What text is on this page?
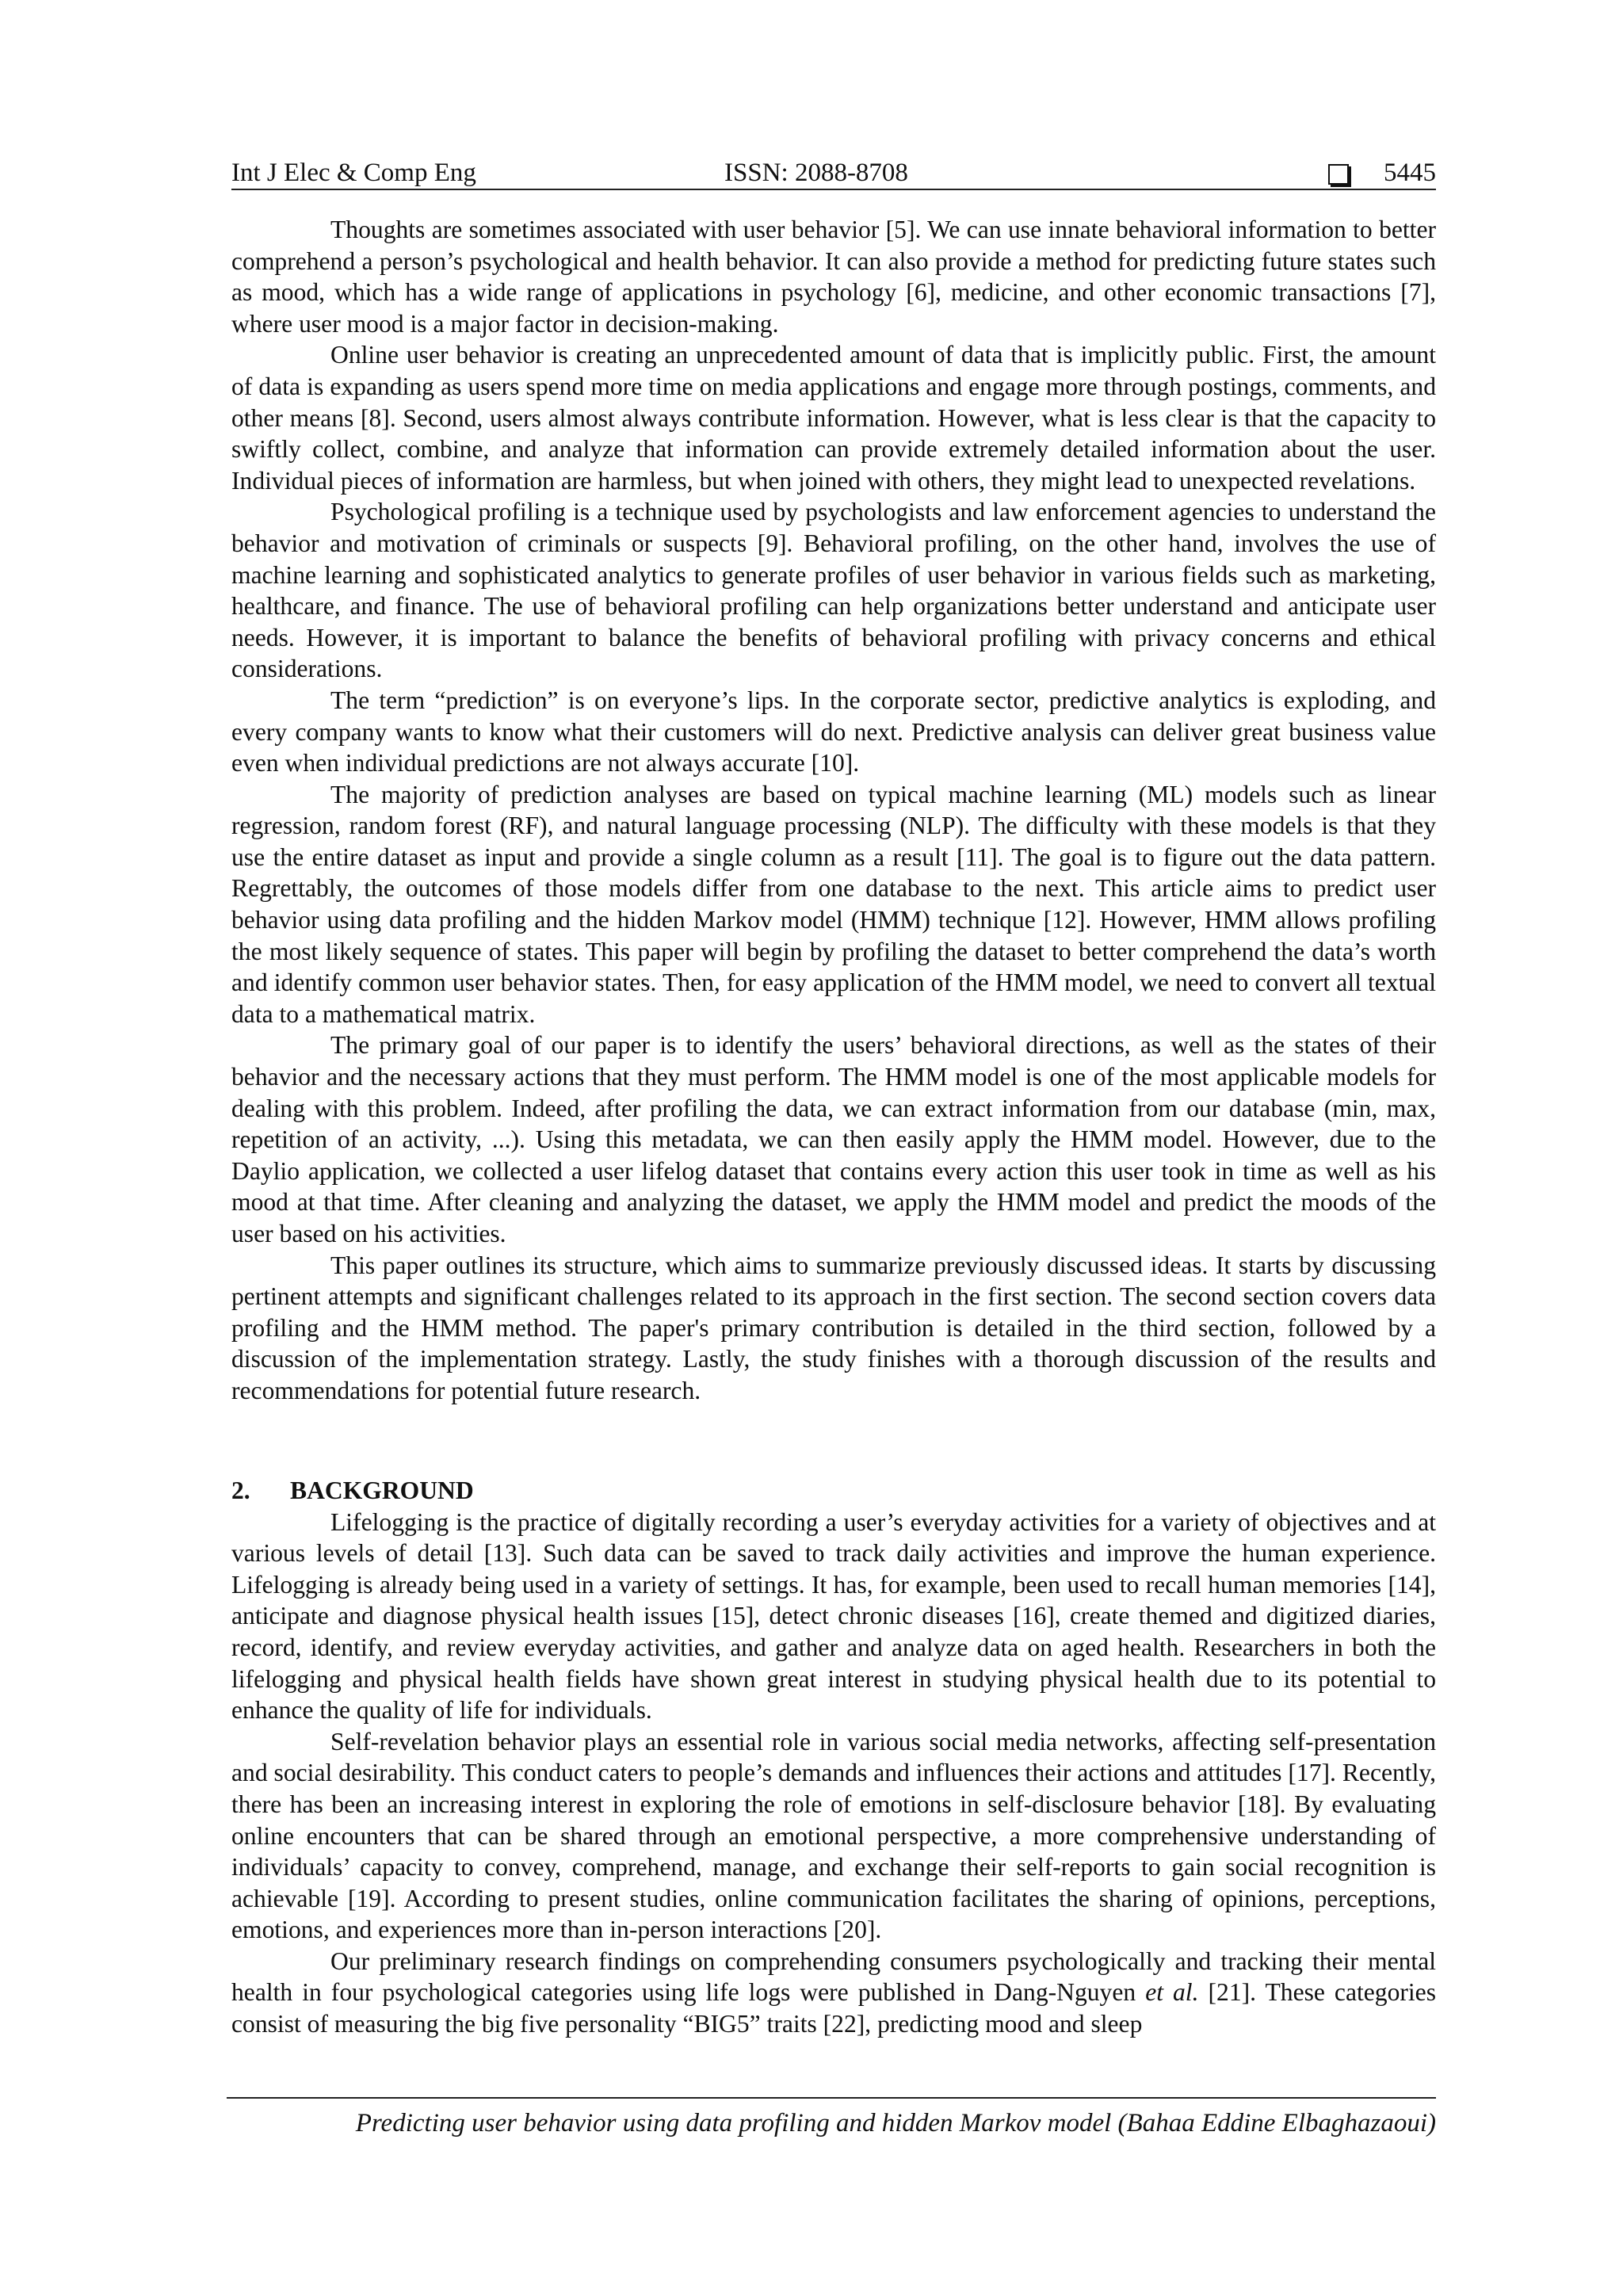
Int J Elec & Comp Eng	ISSN: 2088-8708	5445

Thoughts are sometimes associated with user behavior [5]. We can use innate behavioral information to better comprehend a person’s psychological and health behavior. It can also provide a method for predicting future states such as mood, which has a wide range of applications in psychology [6], medicine, and other economic transactions [7], where user mood is a major factor in decision-making.

Online user behavior is creating an unprecedented amount of data that is implicitly public. First, the amount of data is expanding as users spend more time on media applications and engage more through postings, comments, and other means [8]. Second, users almost always contribute information. However, what is less clear is that the capacity to swiftly collect, combine, and analyze that information can provide extremely detailed information about the user. Individual pieces of information are harmless, but when joined with others, they might lead to unexpected revelations.

Psychological profiling is a technique used by psychologists and law enforcement agencies to understand the behavior and motivation of criminals or suspects [9]. Behavioral profiling, on the other hand, involves the use of machine learning and sophisticated analytics to generate profiles of user behavior in various fields such as marketing, healthcare, and finance. The use of behavioral profiling can help organizations better understand and anticipate user needs. However, it is important to balance the benefits of behavioral profiling with privacy concerns and ethical considerations.

The term “prediction” is on everyone’s lips. In the corporate sector, predictive analytics is exploding, and every company wants to know what their customers will do next. Predictive analysis can deliver great business value even when individual predictions are not always accurate [10].

The majority of prediction analyses are based on typical machine learning (ML) models such as linear regression, random forest (RF), and natural language processing (NLP). The difficulty with these models is that they use the entire dataset as input and provide a single column as a result [11]. The goal is to figure out the data pattern. Regrettably, the outcomes of those models differ from one database to the next. This article aims to predict user behavior using data profiling and the hidden Markov model (HMM) technique [12]. However, HMM allows profiling the most likely sequence of states. This paper will begin by profiling the dataset to better comprehend the data’s worth and identify common user behavior states. Then, for easy application of the HMM model, we need to convert all textual data to a mathematical matrix.

The primary goal of our paper is to identify the users’ behavioral directions, as well as the states of their behavior and the necessary actions that they must perform. The HMM model is one of the most applicable models for dealing with this problem. Indeed, after profiling the data, we can extract information from our database (min, max, repetition of an activity, ...). Using this metadata, we can then easily apply the HMM model. However, due to the Daylio application, we collected a user lifelog dataset that contains every action this user took in time as well as his mood at that time. After cleaning and analyzing the dataset, we apply the HMM model and predict the moods of the user based on his activities.

This paper outlines its structure, which aims to summarize previously discussed ideas. It starts by discussing pertinent attempts and significant challenges related to its approach in the first section. The second section covers data profiling and the HMM method. The paper's primary contribution is detailed in the third section, followed by a discussion of the implementation strategy. Lastly, the study finishes with a thorough discussion of the results and recommendations for potential future research.

2. BACKGROUND

Lifelogging is the practice of digitally recording a user’s everyday activities for a variety of objectives and at various levels of detail [13]. Such data can be saved to track daily activities and improve the human experience. Lifelogging is already being used in a variety of settings. It has, for example, been used to recall human memories [14], anticipate and diagnose physical health issues [15], detect chronic diseases [16], create themed and digitized diaries, record, identify, and review everyday activities, and gather and analyze data on aged health. Researchers in both the lifelogging and physical health fields have shown great interest in studying physical health due to its potential to enhance the quality of life for individuals.

Self-revelation behavior plays an essential role in various social media networks, affecting self-presentation and social desirability. This conduct caters to people’s demands and influences their actions and attitudes [17]. Recently, there has been an increasing interest in exploring the role of emotions in self-disclosure behavior [18]. By evaluating online encounters that can be shared through an emotional perspective, a more comprehensive understanding of individuals’ capacity to convey, comprehend, manage, and exchange their self-reports to gain social recognition is achievable [19]. According to present studies, online communication facilitates the sharing of opinions, perceptions, emotions, and experiences more than in-person interactions [20].

Our preliminary research findings on comprehending consumers psychologically and tracking their mental health in four psychological categories using life logs were published in Dang-Nguyen et al. [21]. These categories consist of measuring the big five personality “BIG5” traits [22], predicting mood and sleep

Predicting user behavior using data profiling and hidden Markov model (Bahaa Eddine Elbaghazaoui)
